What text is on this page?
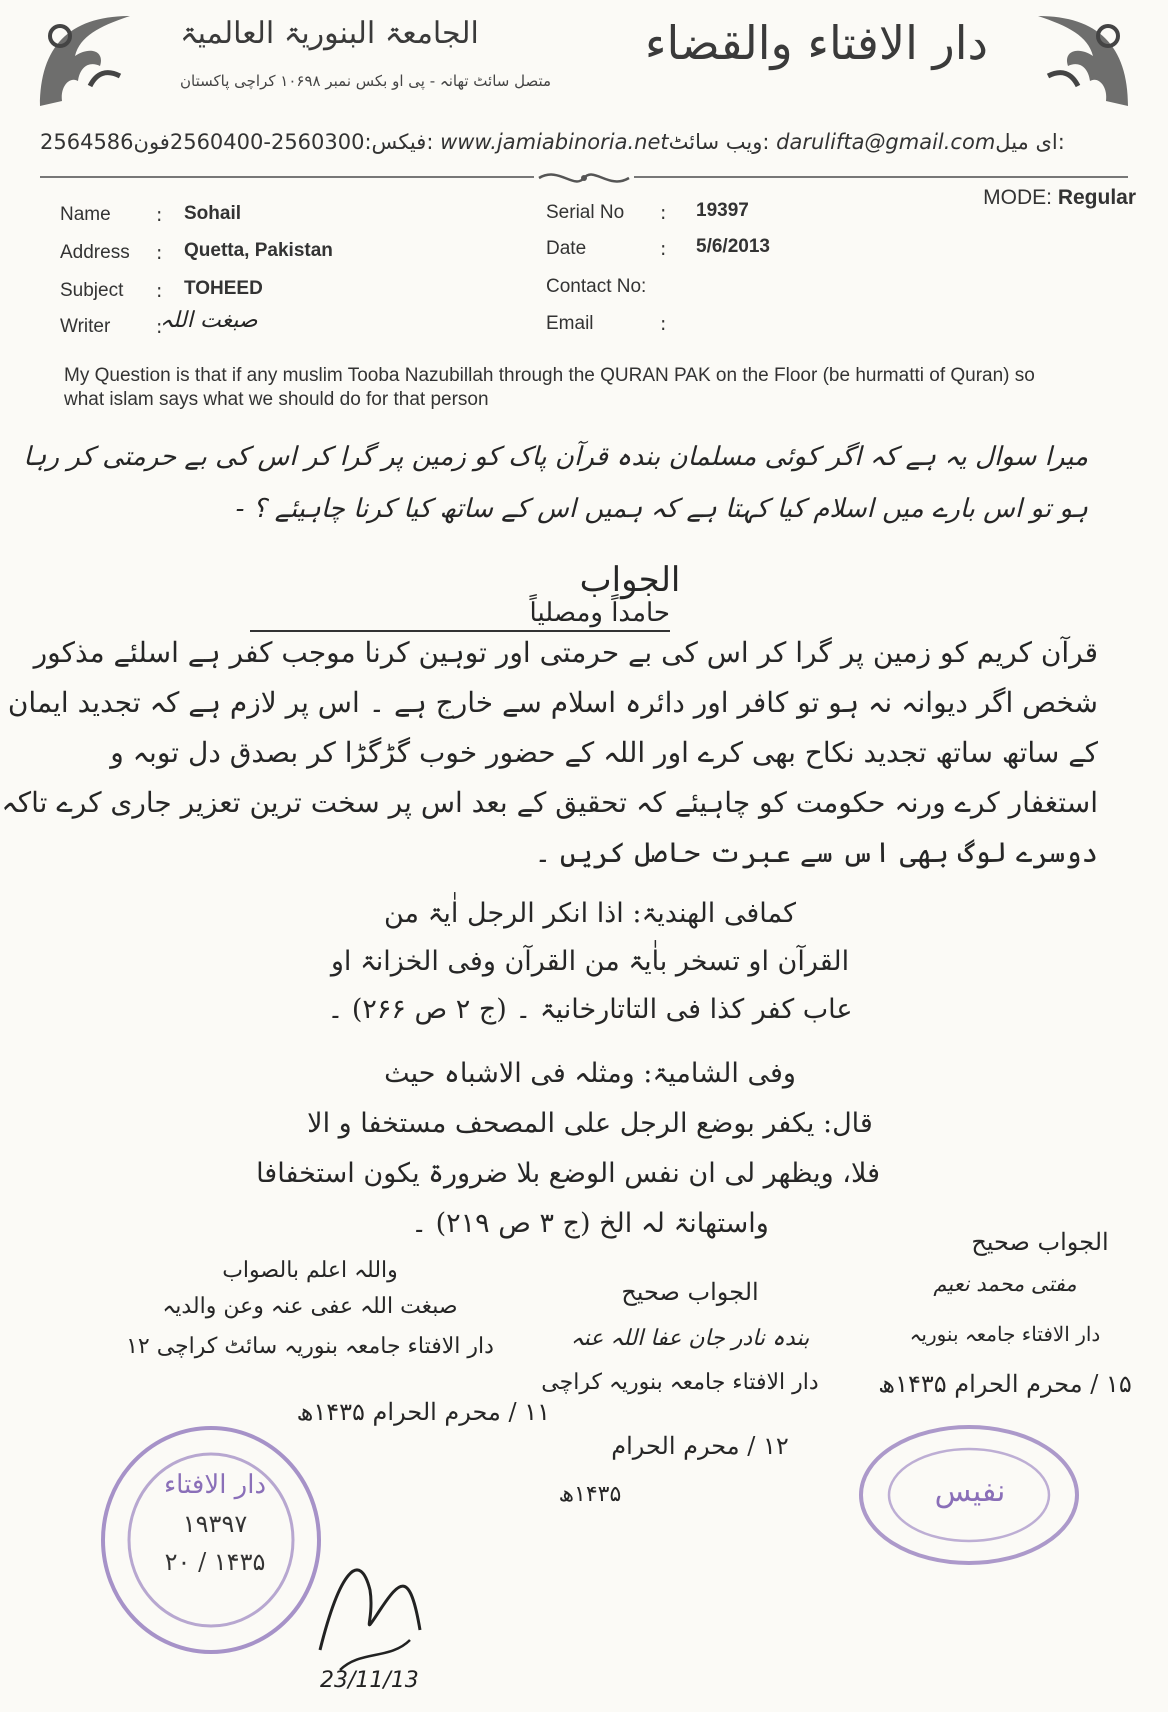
الجامعۃ البنوریۃ العالمیۃ
متصل سائٹ تھانہ - پی او بکس نمبر ۱۰۶۹۸ کراچی پاکستان
دار الافتاء والقضاء
2564586	فیکس:2560300-2560400فون: www.jamiabinoria.netویب سائٹ: darulifta@gmail.comای میل:
Name : Sohail
Address : Quetta, Pakistan
Subject : TOHEED
Writer :
صبغت اللہ
Serial No : 19397
Date	: 5/6/2013
Contact No:
Email	:
MODE: Regular
My Question is that if any muslim Tooba Nazubillah through the QURAN PAK on the Floor (be hurmatti of Quran) so what islam says what we should do for that person
میرا سوال یہ ہے کہ اگر کوئی مسلمان بندہ قرآن پاک کو زمین پر گرا کر اس کی بے حرمتی کر رہا
ہو تو اس بارے میں اسلام کیا کہتا ہے کہ ہمیں اس کے ساتھ کیا کرنا چاہیئے ؟ -
الجواب
حامداً ومصلیاً
قرآن کریم کو زمین پر گرا کر اس کی بے حرمتی اور توہین کرنا موجب کفر ہے اسلئے مذکور
شخص اگر دیوانہ نہ ہو تو کافر اور دائرہ اسلام سے خارج ہے ۔ اس پر لازم ہے کہ تجدید ایمان
کے ساتھ ساتھ تجدید نکاح بھی کرے اور اللہ کے حضور خوب گڑگڑا کر بصدق دل توبہ و
استغفار کرے ورنہ حکومت کو چاہیئے کہ تحقیق کے بعد اس پر سخت ترین تعزیر جاری کرے تاکہ
دوسرے لوگ بھی اس سے عبرت حاصل کریں ۔
کمافی الھندیۃ: اذا انکر الرجل اٰیۃ من
القرآن او تسخر باٰیۃ من القرآن وفی الخزانۃ او
عاب کفر کذا فی التاتارخانیۃ ۔ (ج ۲ ص ۲۶۶) ۔
وفی الشامیۃ: ومثلہ فی الاشباہ حیث
قال: یکفر بوضع الرجل علی المصحف مستخفا و الا
فلا، ویظھر لی ان نفس الوضع بلا ضرورۃ یکون استخفافا
واستھانۃ لہ الخ (ج ۳ ص ۲۱۹) ۔
واللہ اعلم بالصواب
صبغت اللہ عفی عنہ وعن والدیہ
دار الافتاء جامعہ بنوریہ سائٹ کراچی ۱۲
۱۱ / محرم الحرام ۱۴۳۵ھ
الجواب صحیح
بندہ نادر جان عفا اللہ عنہ
دار الافتاء جامعہ بنوریہ کراچی
۱۲ / محرم الحرام
۱۴۳۵ھ
الجواب صحیح
مفتی محمد نعیم
دار الافتاء جامعہ بنوریہ
۱۵ / محرم الحرام ۱۴۳۵ھ
دار الافتاء
۱۹۳۹۷
۱۴۳۵ / ۲۰
نفیس
23/11/13
